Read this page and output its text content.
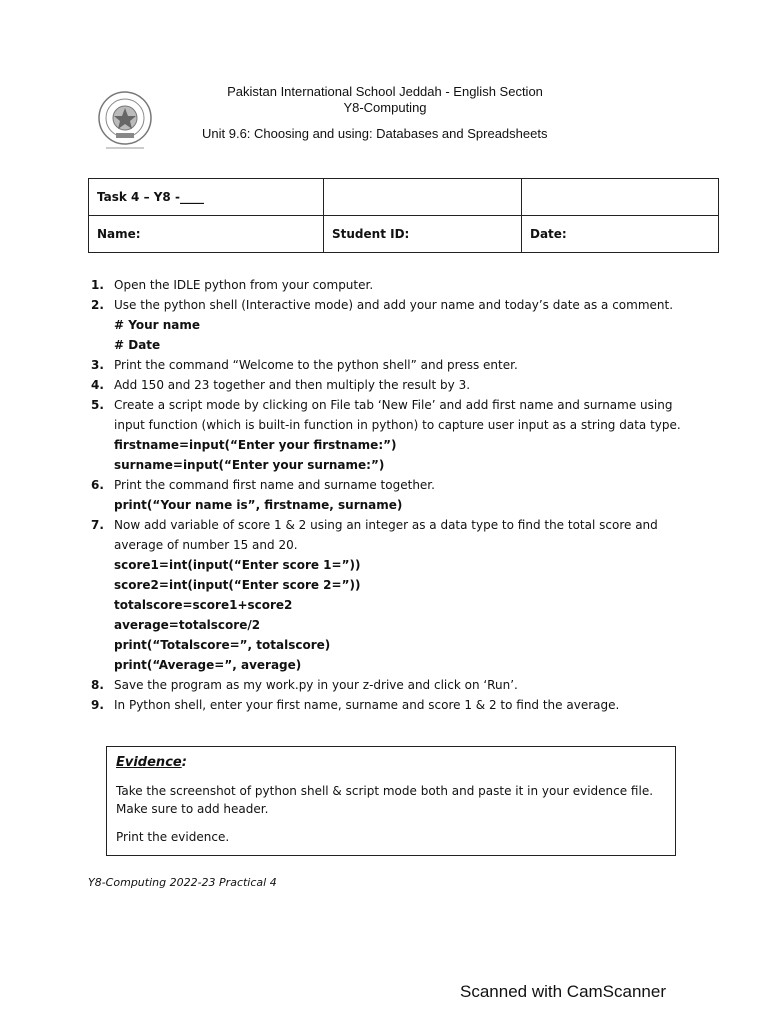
Pakistan International School Jeddah - English Section
Y8-Computing
Unit 9.6: Choosing and using: Databases and Spreadsheets
Task 4 – Y8 -____		
Name:	Student ID:	Date:
1. Open the IDLE python from your computer.
2. Use the python shell (Interactive mode) and add your name and today’s date as a comment.
# Your name
# Date
3. Print the command “Welcome to the python shell” and press enter.
4. Add 150 and 23 together and then multiply the result by 3.
5. Create a script mode by clicking on File tab ‘New File’ and add first name and surname using input function (which is built-in function in python) to capture user input as a string data type.
firstname=input(“Enter your firstname:”)
surname=input(“Enter your surname:”)
6. Print the command first name and surname together.
print(“Your name is”, firstname, surname)
7. Now add variable of score 1 & 2 using an integer as a data type to find the total score and average of number 15 and 20.
score1=int(input(“Enter score 1=”))
score2=int(input(“Enter score 2=”))
totalscore=score1+score2
average=totalscore/2
print(“Totalscore=”, totalscore)
print(“Average=”, average)
8. Save the program as my work.py in your z-drive and click on ‘Run’.
9. In Python shell, enter your first name, surname and score 1 & 2 to find the average.
Evidence:
Take the screenshot of python shell & script mode both and paste it in your evidence file. Make sure to add header.
Print the evidence.
Y8-Computing 2022-23 Practical 4
Scanned with CamScanner
